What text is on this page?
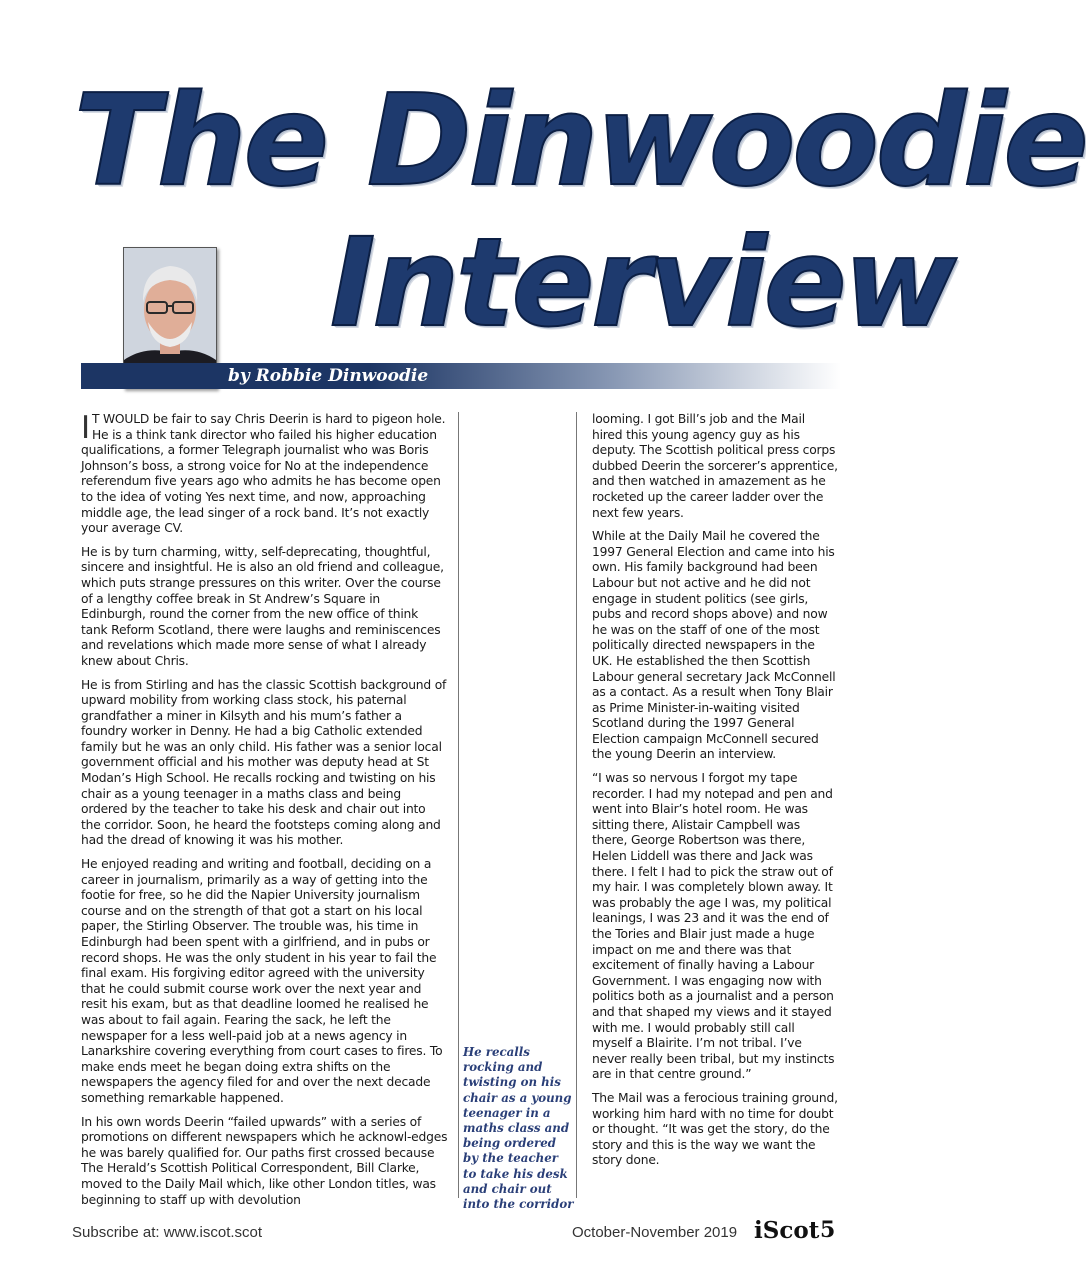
The Dinwoodie
Interview

by Robbie Dinwoodie

I T WOULD be fair to say Chris Deerin is hard to pigeon hole. He is a think tank director who failed his higher education qualifications, a former Telegraph journalist who was Boris Johnson’s boss, a strong voice for No at the independence referendum five years ago who admits he has become open to the idea of voting Yes next time, and now, approaching middle age, the lead singer of a rock band. It’s not exactly your average CV.

He is by turn charming, witty, self-deprecating, thoughtful, sincere and insightful. He is also an old friend and colleague, which puts strange pressures on this writer. Over the course of a lengthy coffee break in St Andrew’s Square in Edinburgh, round the corner from the new office of think tank Reform Scotland, there were laughs and reminiscences and revelations which made more sense of what I already knew about Chris.

He is from Stirling and has the classic Scottish background of upward mobility from working class stock, his paternal grandfather a miner in Kilsyth and his mum’s father a foundry worker in Denny. He had a big Catholic extended family but he was an only child. His father was a senior local government official and his mother was deputy head at St Modan’s High School. He recalls rocking and twisting on his chair as a young teenager in a maths class and being ordered by the teacher to take his desk and chair out into the corridor. Soon, he heard the footsteps coming along and had the dread of knowing it was his mother.

He enjoyed reading and writing and football, deciding on a career in journalism, primarily as a way of getting into the footie for free, so he did the Napier University journalism course and on the strength of that got a start on his local paper, the Stirling Observer. The trouble was, his time in Edinburgh had been spent with a girlfriend, and in pubs or record shops. He was the only student in his year to fail the final exam. His forgiving editor agreed with the university that he could submit course work over the next year and resit his exam, but as that deadline loomed he realised he was about to fail again. Fearing the sack, he left the newspaper for a less well-paid job at a news agency in Lanarkshire covering everything from court cases to fires. To make ends meet he began doing extra shifts on the newspapers the agency filed for and over the next decade something remarkable happened.

In his own words Deerin “failed upwards” with a series of promotions on different newspapers which he acknowl-edges he was barely qualified for. Our paths first crossed because The Herald’s Scottish Political Correspondent, Bill Clarke, moved to the Daily Mail which, like other London titles, was beginning to staff up with devolution

He recalls rocking and twisting on his chair as a young teenager in a maths class and being ordered by the teacher to take his desk and chair out into the corridor

looming. I got Bill’s job and the Mail hired this young agency guy as his deputy. The Scottish political press corps dubbed Deerin the sorcerer’s apprentice, and then watched in amazement as he rocketed up the career ladder over the next few years.

While at the Daily Mail he covered the 1997 General Election and came into his own. His family background had been Labour but not active and he did not engage in student politics (see girls, pubs and record shops above) and now he was on the staff of one of the most politically directed newspapers in the UK. He established the then Scottish Labour general secretary Jack McConnell as a contact. As a result when Tony Blair as Prime Minister-in-waiting visited Scotland during the 1997 General Election campaign McConnell secured the young Deerin an interview.

“I was so nervous I forgot my tape recorder. I had my notepad and pen and went into Blair’s hotel room. He was sitting there, Alistair Campbell was there, George Robertson was there, Helen Liddell was there and Jack was there. I felt I had to pick the straw out of my hair. I was completely blown away. It was probably the age I was, my political leanings, I was 23 and it was the end of the Tories and Blair just made a huge impact on me and there was that excitement of finally having a Labour Government. I was engaging now with politics both as a journalist and a person and that shaped my views and it stayed with me. I would probably still call myself a Blairite. I’m not tribal. I’ve never really been tribal, but my instincts are in that centre ground.”

The Mail was a ferocious training ground, working him hard with no time for doubt or thought. “It was get the story, do the story and this is the way we want the story done.

Subscribe at: www.iscot.scot	October-November 2019 iScot 5
